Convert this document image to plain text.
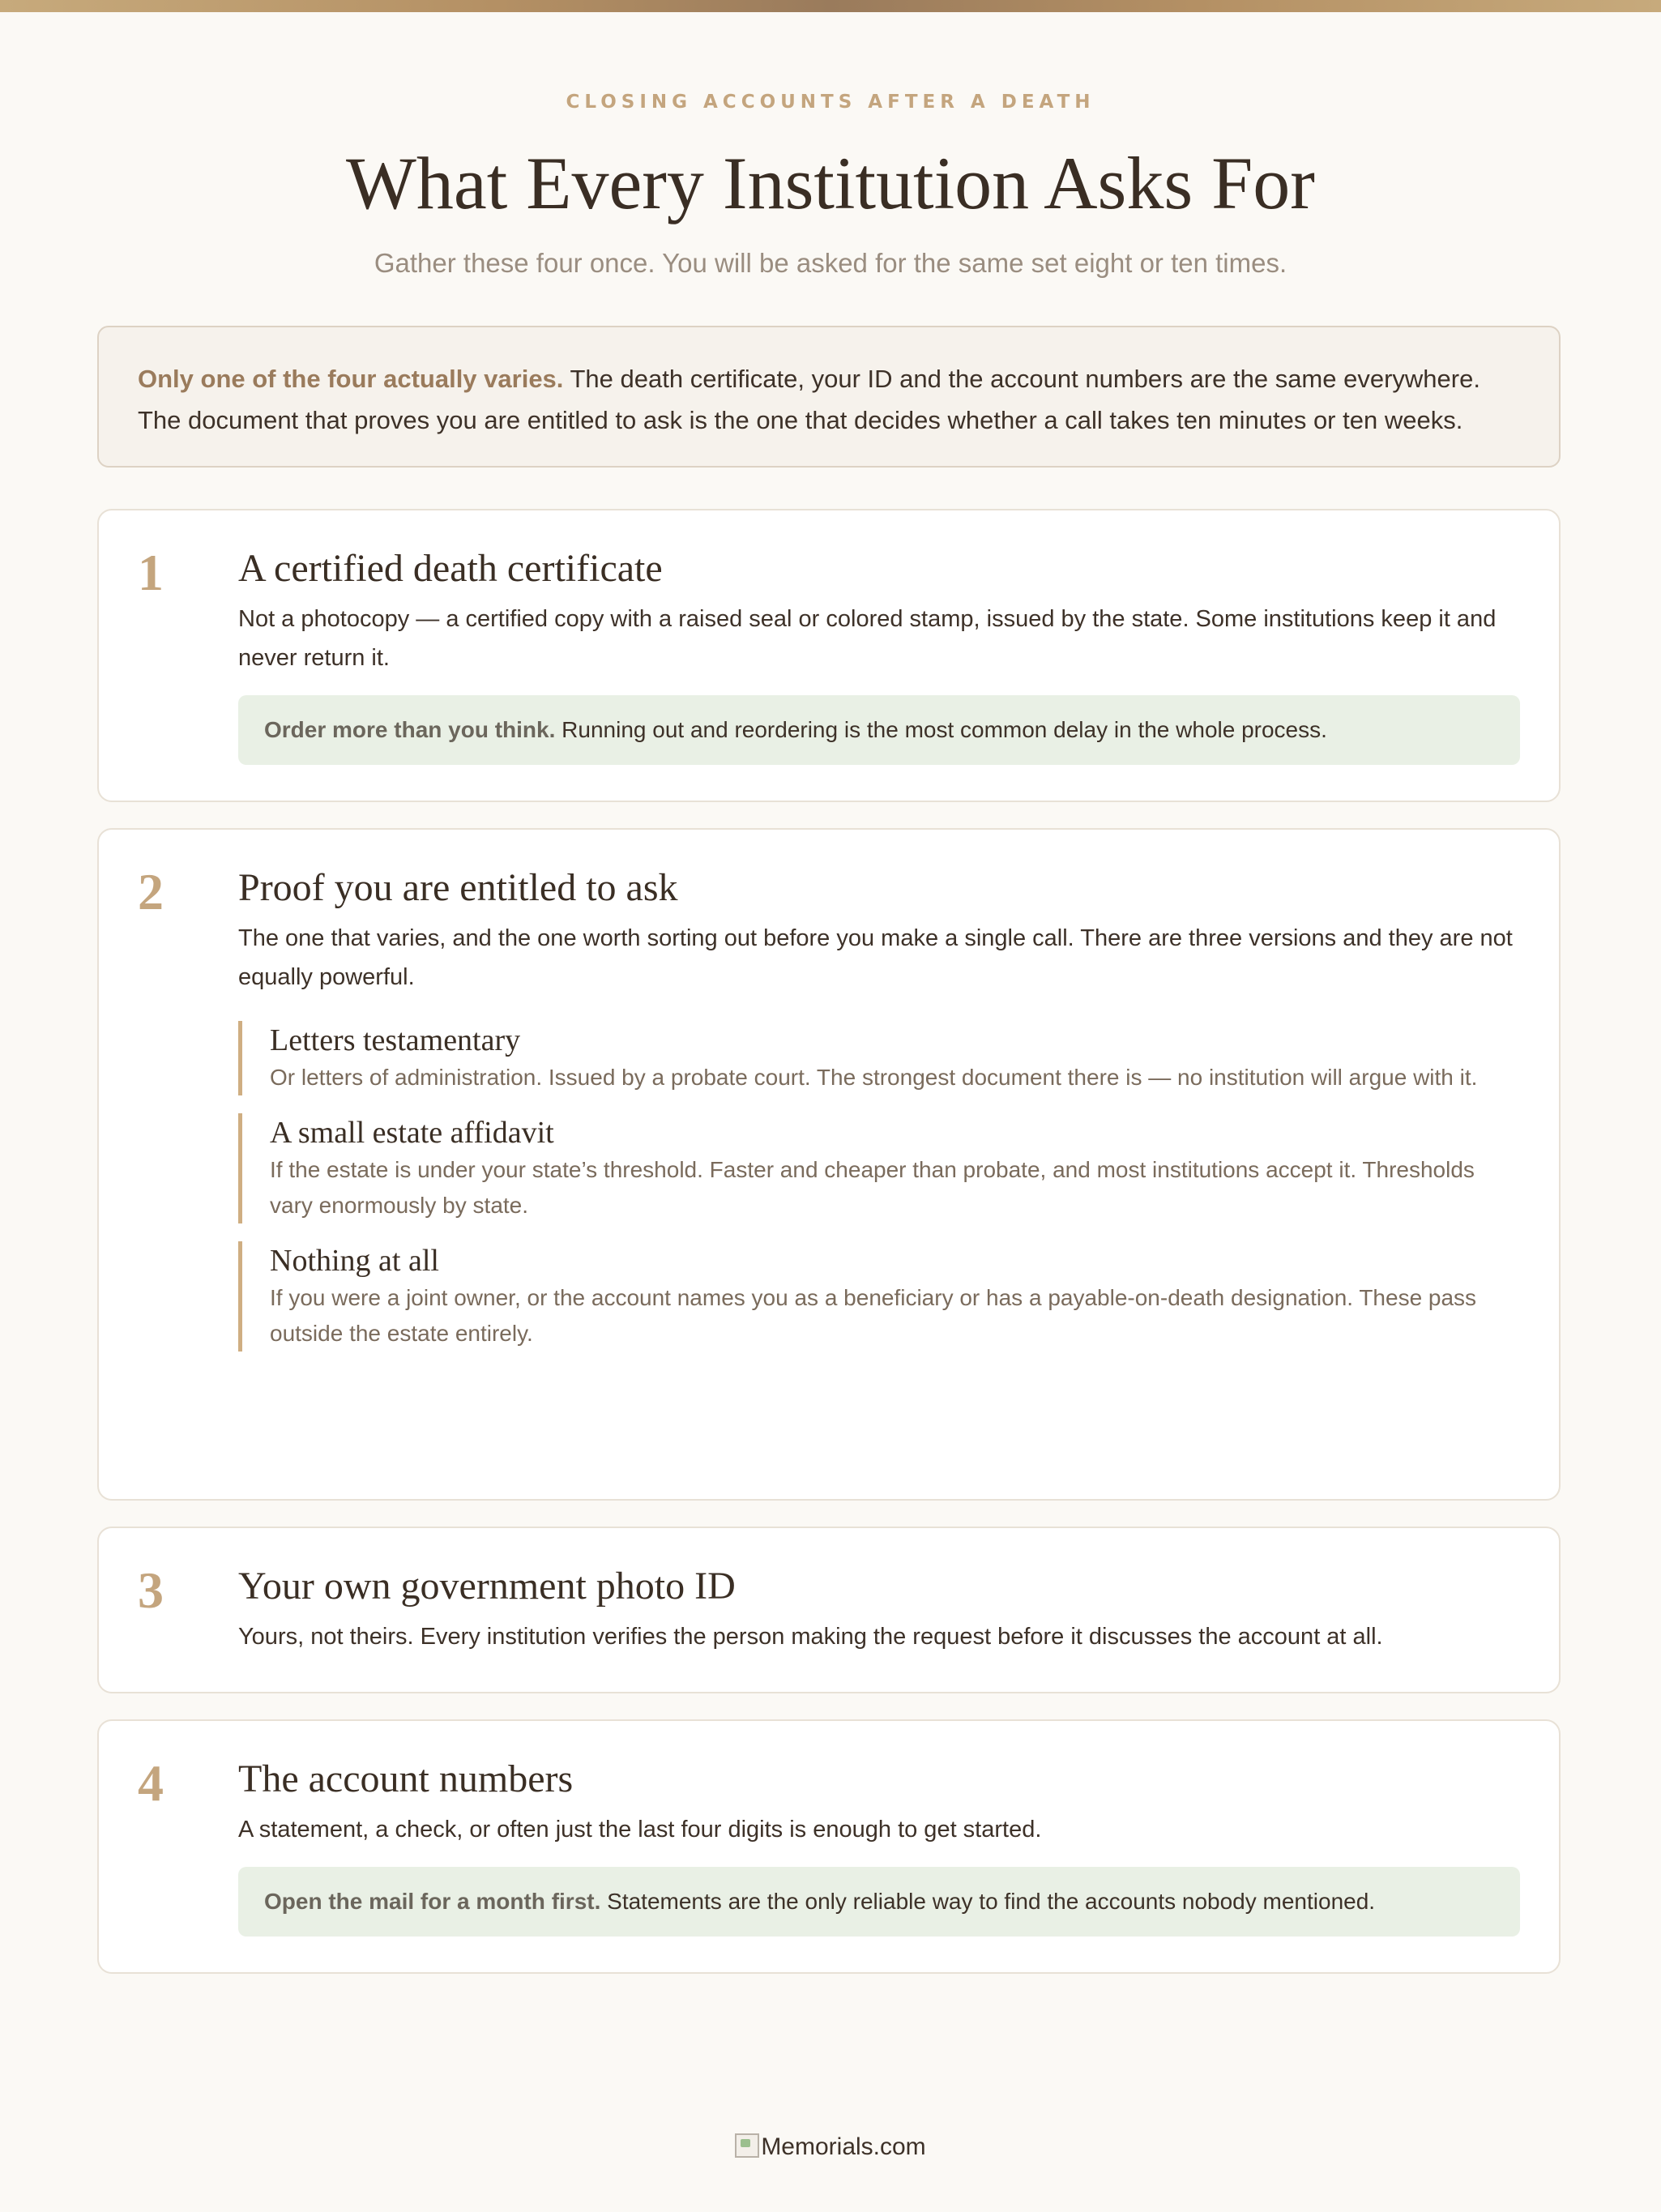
CLOSING ACCOUNTS AFTER A DEATH
What Every Institution Asks For
Gather these four once. You will be asked for the same set eight or ten times.
Only one of the four actually varies. The death certificate, your ID and the account numbers are the same everywhere. The document that proves you are entitled to ask is the one that decides whether a call takes ten minutes or ten weeks.
1 A certified death certificate
Not a photocopy — a certified copy with a raised seal or colored stamp, issued by the state. Some institutions keep it and never return it.
Order more than you think. Running out and reordering is the most common delay in the whole process.
2 Proof you are entitled to ask
The one that varies, and the one worth sorting out before you make a single call. There are three versions and they are not equally powerful.
Letters testamentary
Or letters of administration. Issued by a probate court. The strongest document there is — no institution will argue with it.
A small estate affidavit
If the estate is under your state’s threshold. Faster and cheaper than probate, and most institutions accept it. Thresholds vary enormously by state.
Nothing at all
If you were a joint owner, or the account names you as a beneficiary or has a payable-on-death designation. These pass outside the estate entirely.
3 Your own government photo ID
Yours, not theirs. Every institution verifies the person making the request before it discusses the account at all.
4 The account numbers
A statement, a check, or often just the last four digits is enough to get started.
Open the mail for a month first. Statements are the only reliable way to find the accounts nobody mentioned.
Memorials.com
